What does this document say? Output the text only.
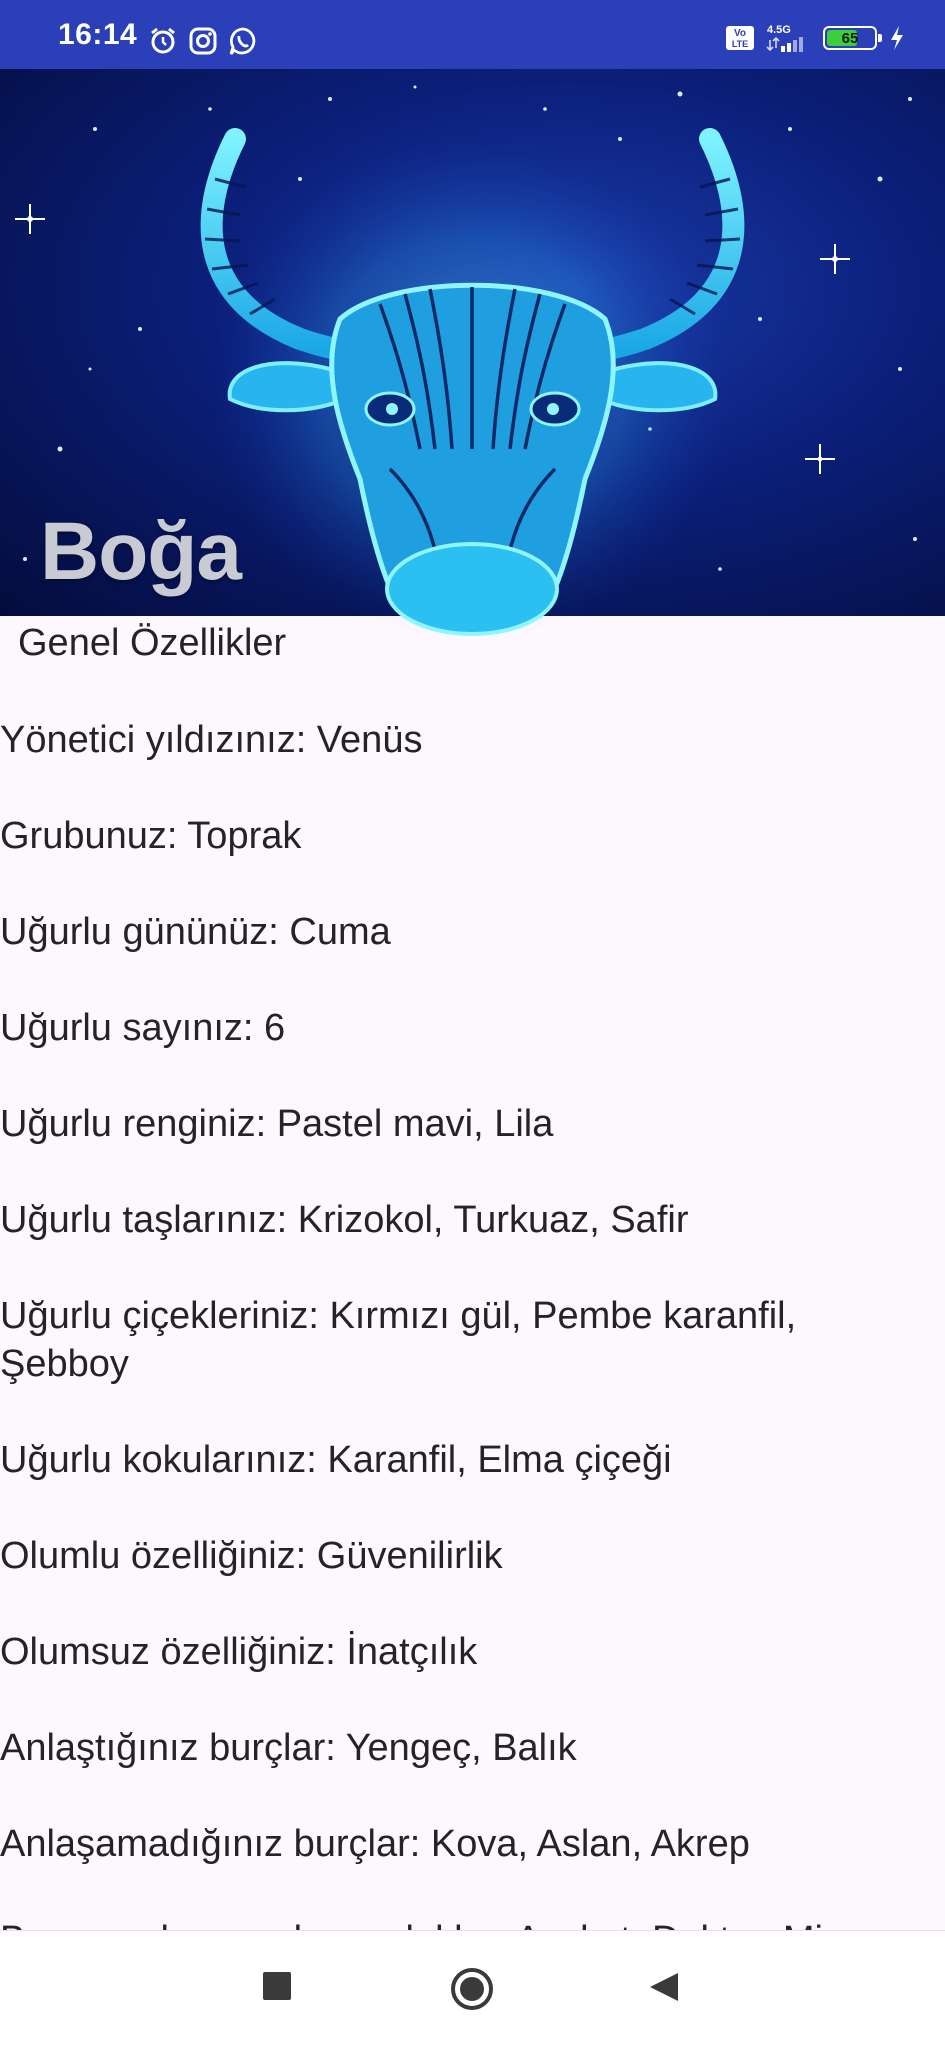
16:14	Vo
LTE
4.5G	65
Boğa
Genel Özellikler
Yönetici yıldızınız: Venüs
Grubunuz: Toprak
Uğurlu gününüz: Cuma
Uğurlu sayınız: 6
Uğurlu renginiz: Pastel mavi, Lila
Uğurlu taşlarınız: Krizokol, Turkuaz, Safir
Uğurlu çiçekleriniz: Kırmızı gül, Pembe karanfil, Şebboy
Uğurlu kokularınız: Karanfil, Elma çiçeği
Olumlu özelliğiniz: Güvenilirlik
Olumsuz özelliğiniz: İnatçılık
Anlaştığınız burçlar: Yengeç, Balık
Anlaşamadığınız burçlar: Kova, Aslan, Akrep
